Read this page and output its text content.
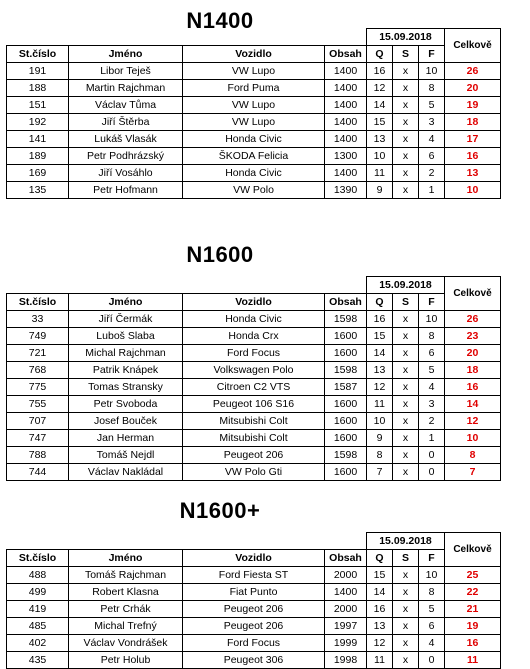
N1400
				15.09.2018			Celkově
St.číslo	Jméno	Vozidlo	Obsah	Q	S	F	
191	Libor Teješ	VW Lupo	1400	16	x	10	26
188	Martin Rajchman	Ford Puma	1400	12	x	8	20
151	Václav Tůma	VW Lupo	1400	14	x	5	19
192	Jiří Štěrba	VW Lupo	1400	15	x	3	18
141	Lukáš Vlasák	Honda Civic	1400	13	x	4	17
189	Petr Podhrázský	ŠKODA Felicia	1300	10	x	6	16
169	Jiří Vosáhlo	Honda Civic	1400	11	x	2	13
135	Petr Hofmann	VW Polo	1390	9	x	1	10
N1600
				15.09.2018			Celkově
St.číslo	Jméno	Vozidlo	Obsah	Q	S	F	
33	Jiří Čermák	Honda Civic	1598	16	x	10	26
749	Luboš Slaba	Honda Crx	1600	15	x	8	23
721	Michal Rajchman	Ford Focus	1600	14	x	6	20
768	Patrik Knápek	Volkswagen Polo	1598	13	x	5	18
775	Tomas Stransky	Citroen C2 VTS	1587	12	x	4	16
755	Petr Svoboda	Peugeot 106 S16	1600	11	x	3	14
707	Josef Bouček	Mitsubishi Colt	1600	10	x	2	12
747	Jan Herman	Mitsubishi Colt	1600	9	x	1	10
788	Tomáš Nejdl	Peugeot 206	1598	8	x	0	8
744	Václav Nakládal	VW Polo Gti	1600	7	x	0	7
N1600+
				15.09.2018			Celkově
St.číslo	Jméno	Vozidlo	Obsah	Q	S	F	
488	Tomáš Rajchman	Ford Fiesta ST	2000	15	x	10	25
499	Robert Klasna	Fiat Punto	1400	14	x	8	22
419	Petr Crhák	Peugeot 206	2000	16	x	5	21
485	Michal Trefný	Peugeot 206	1997	13	x	6	19
402	Václav Vondrášek	Ford Focus	1999	12	x	4	16
435	Petr Holub	Peugeot 306	1998	11	x	0	11
